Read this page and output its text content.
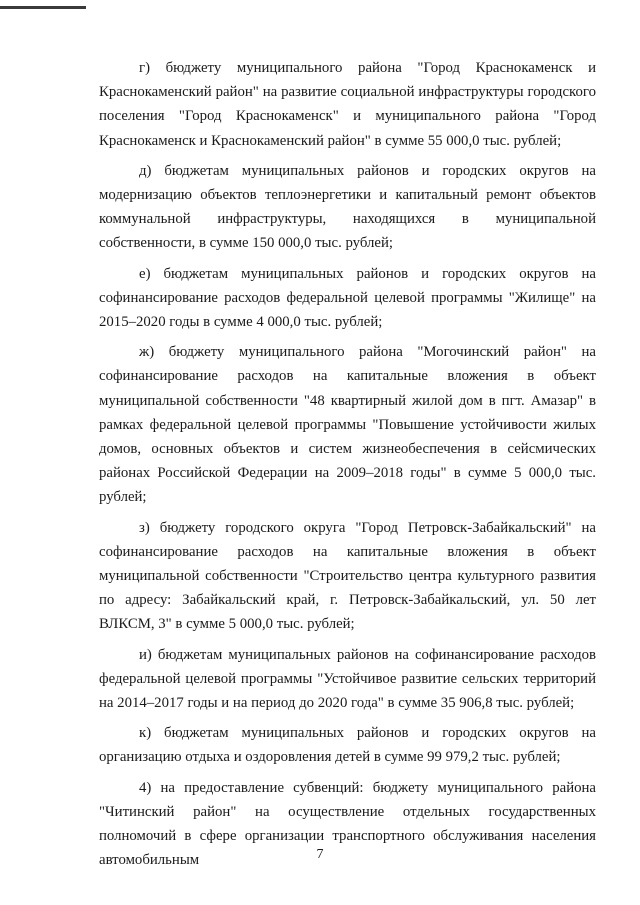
г) бюджету муниципального района "Город Краснокаменск и Краснокаменский район" на развитие социальной инфраструктуры городского поселения "Город Краснокаменск" и муниципального района "Город Краснокаменск и Краснокаменский район" в сумме 55 000,0 тыс. рублей;

д) бюджетам муниципальных районов и городских округов на модернизацию объектов теплоэнергетики и капитальный ремонт объектов коммунальной инфраструктуры, находящихся в муниципальной собственности, в сумме 150 000,0 тыс. рублей;

е) бюджетам муниципальных районов и городских округов на софинансирование расходов федеральной целевой программы "Жилище" на 2015–2020 годы в сумме 4 000,0 тыс. рублей;

ж) бюджету муниципального района "Могочинский район" на софинансирование расходов на капитальные вложения в объект муниципальной собственности "48 квартирный жилой дом в пгт. Амазар" в рамках федеральной целевой программы "Повышение устойчивости жилых домов, основных объектов и систем жизнеобеспечения в сейсмических районах Российской Федерации на 2009–2018 годы" в сумме 5 000,0 тыс. рублей;

з) бюджету городского округа "Город Петровск-Забайкальский" на софинансирование расходов на капитальные вложения в объект муниципальной собственности "Строительство центра культурного развития по адресу: Забайкальский край, г. Петровск-Забайкальский, ул. 50 лет ВЛКСМ, 3" в сумме 5 000,0 тыс. рублей;

и) бюджетам муниципальных районов на софинансирование расходов федеральной целевой программы "Устойчивое развитие сельских территорий на 2014–2017 годы и на период до 2020 года" в сумме 35 906,8 тыс. рублей;

к) бюджетам муниципальных районов и городских округов на организацию отдыха и оздоровления детей в сумме 99 979,2 тыс. рублей;

4) на предоставление субвенций: бюджету муниципального района "Читинский район" на осуществление отдельных государственных полномочий в сфере организации транспортного обслуживания населения автомобильным	7
